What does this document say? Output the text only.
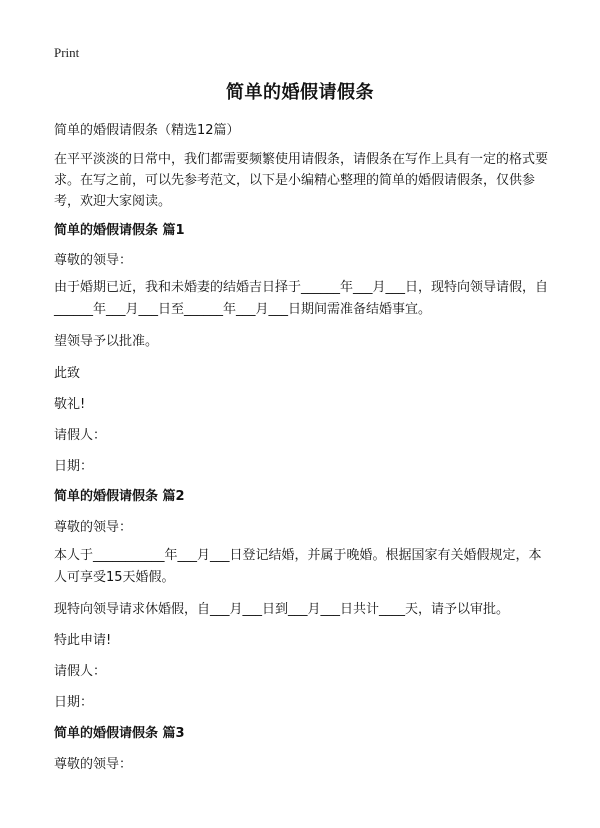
Print
简单的婚假请假条
简单的婚假请假条（精选12篇）
在平平淡淡的日常中，我们都需要频繁使用请假条，请假条在写作上具有一定的格式要求。在写之前，可以先参考范文，以下是小编精心整理的简单的婚假请假条，仅供参考，欢迎大家阅读。
简单的婚假请假条 篇1
尊敬的领导：
由于婚期已近，我和未婚妻的结婚吉日择于______年___月___日，现特向领导请假，自______年___月___日至______年___月___日期间需准备结婚事宜。
望领导予以批准。
此致
敬礼!
请假人：
日期：
简单的婚假请假条 篇2
尊敬的领导：
本人于___________年___月___日登记结婚，并属于晚婚。根据国家有关婚假规定，本人可享受15天婚假。
现特向领导请求休婚假，自___月___日到___月___日共计____天，请予以审批。
特此申请!
请假人：
日期：
简单的婚假请假条 篇3
尊敬的领导：
